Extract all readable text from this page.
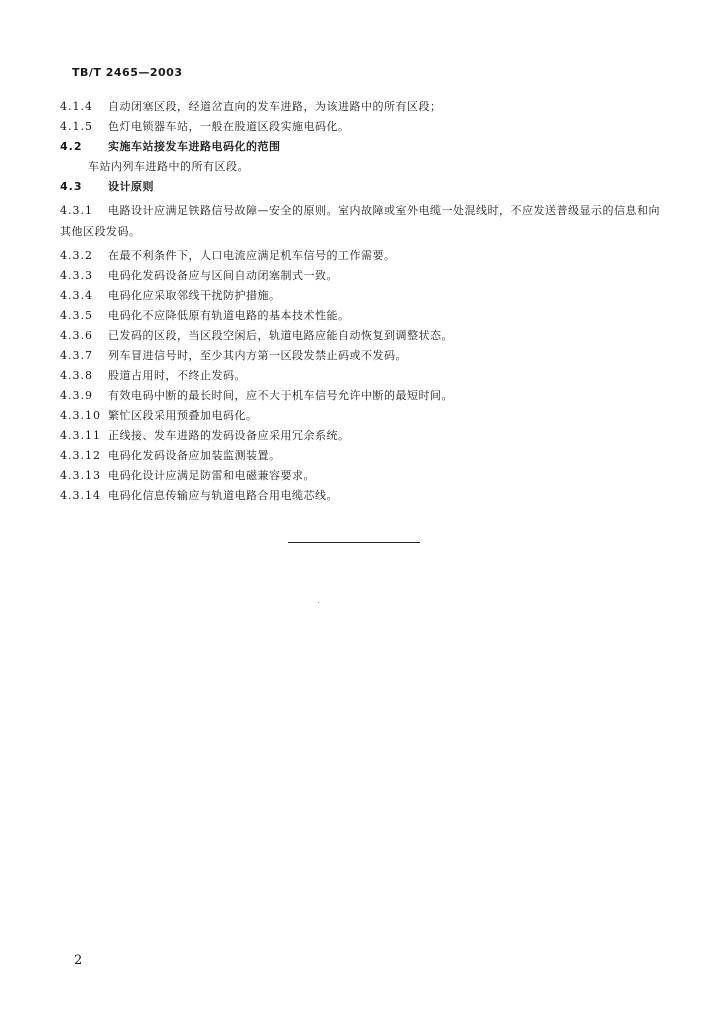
TB/T 2465—2003
4.1.4 自动闭塞区段，经道岔直向的发车进路，为该进路中的所有区段；
4.1.5 色灯电锁器车站，一般在股道区段实施电码化。
4.2 实施车站接发车进路电码化的范围
车站内列车进路中的所有区段。
4.3 设计原则
4.3.1 电路设计应满足铁路信号故障—安全的原则。室内故障或室外电缆一处混线时，不应发送普级显示的信息和向其他区段发码。
4.3.2 在最不利条件下，人口电流应满足机车信号的工作需要。
4.3.3 电码化发码设备应与区间自动闭塞制式一致。
4.3.4 电码化应采取邻线干扰防护措施。
4.3.5 电码化不应降低原有轨道电路的基本技术性能。
4.3.6 已发码的区段，当区段空闲后，轨道电路应能自动恢复到调整状态。
4.3.7 列车冒进信号时，至少其内方第一区段发禁止码或不发码。
4.3.8 股道占用时，不终止发码。
4.3.9 有效电码中断的最长时间，应不大于机车信号允许中断的最短时间。
4.3.10 繁忙区段采用预叠加电码化。
4.3.11 正线接、发车进路的发码设备应采用冗余系统。
4.3.12 电码化发码设备应加装监测装置。
4.3.13 电码化设计应满足防雷和电磁兼容要求。
4.3.14 电码化信息传输应与轨道电路合用电缆芯线。
2
